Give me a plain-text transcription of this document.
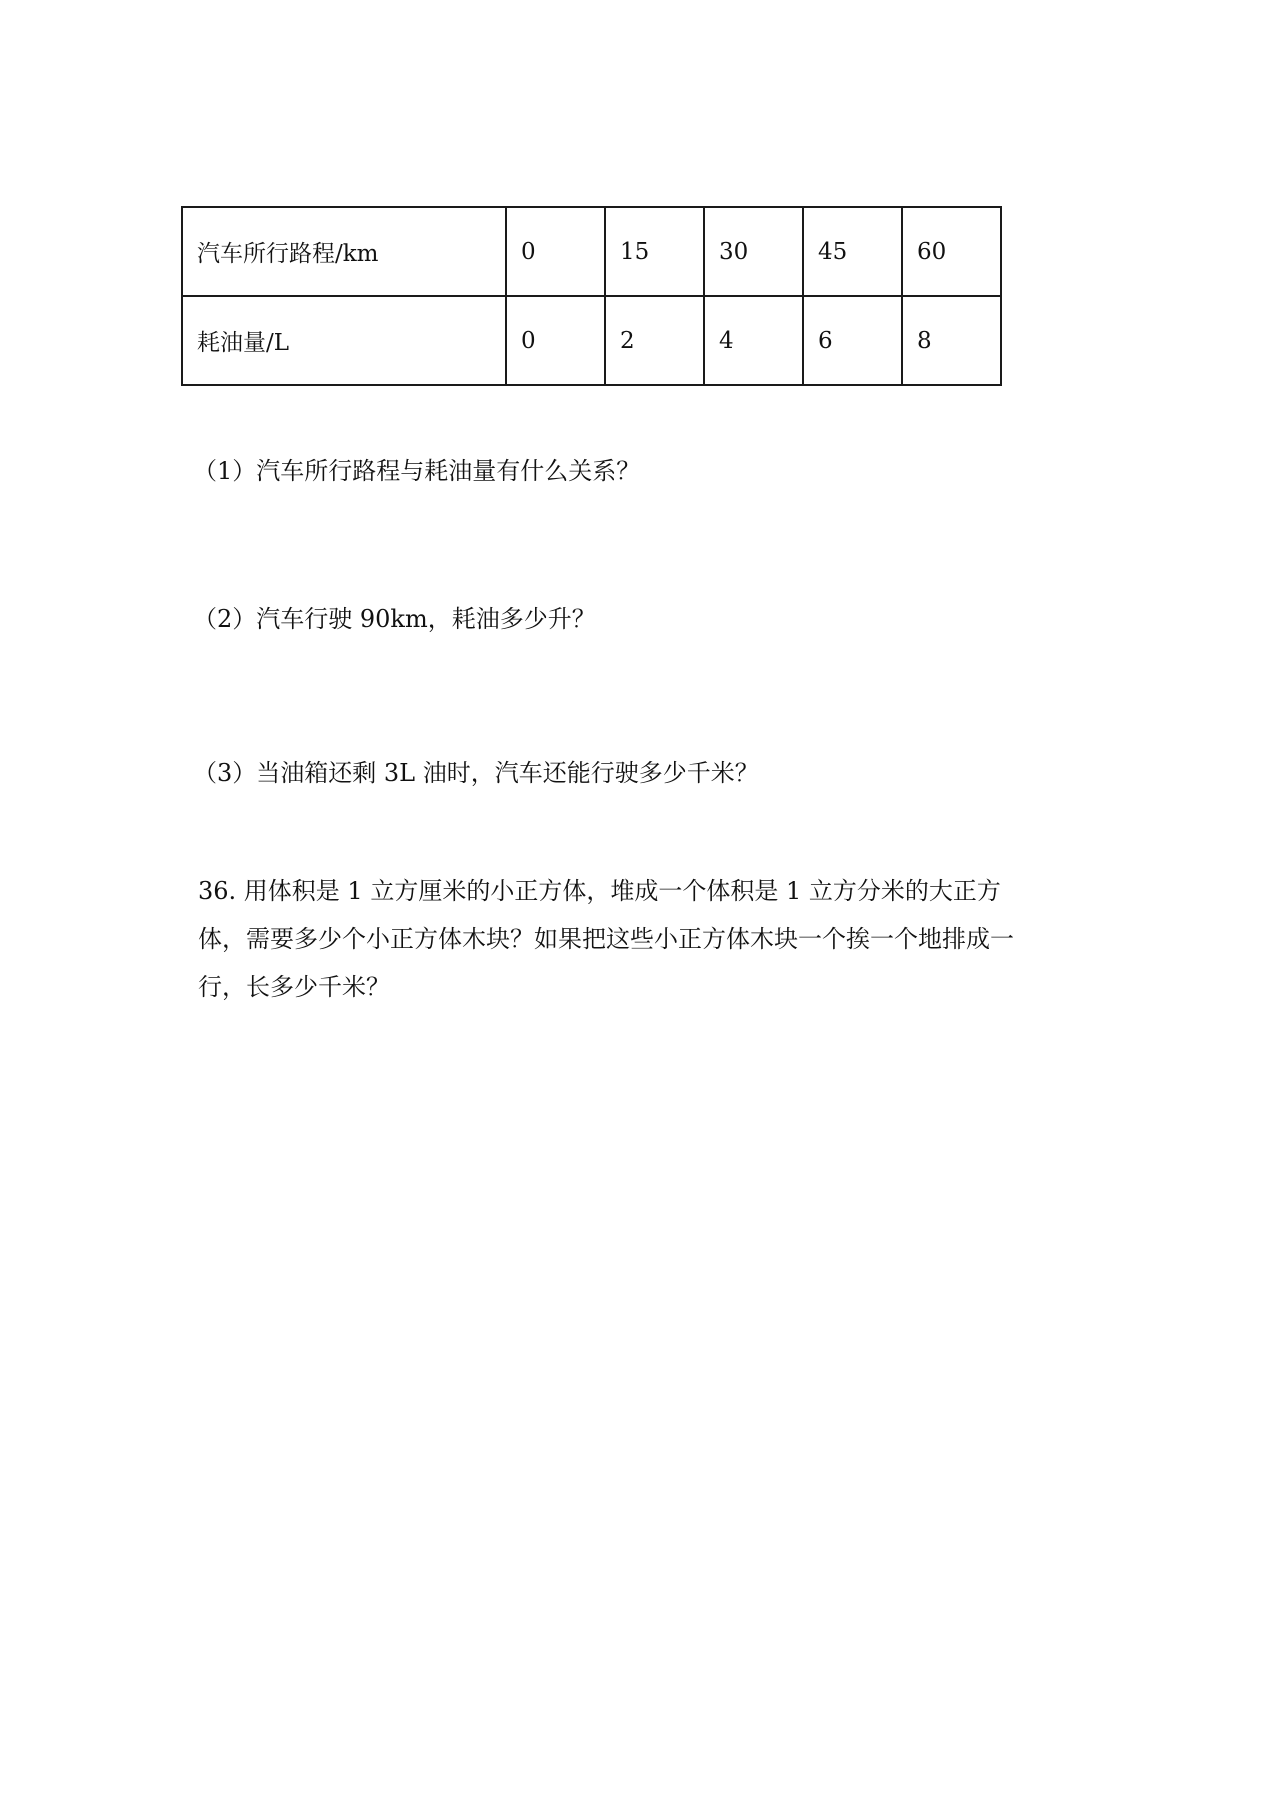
汽车所行路程/km	0	15	30	45	60
耗油量/L	0	2	4	6	8
（1）汽车所行路程与耗油量有什么关系？
（2）汽车行驶 90km，耗油多少升？
（3）当油箱还剩 3L 油时，汽车还能行驶多少千米？
36. 用体积是 1 立方厘米的小正方体，堆成一个体积是 1 立方分米的大正方
体，需要多少个小正方体木块？如果把这些小正方体木块一个挨一个地排成一
行，长多少千米？
